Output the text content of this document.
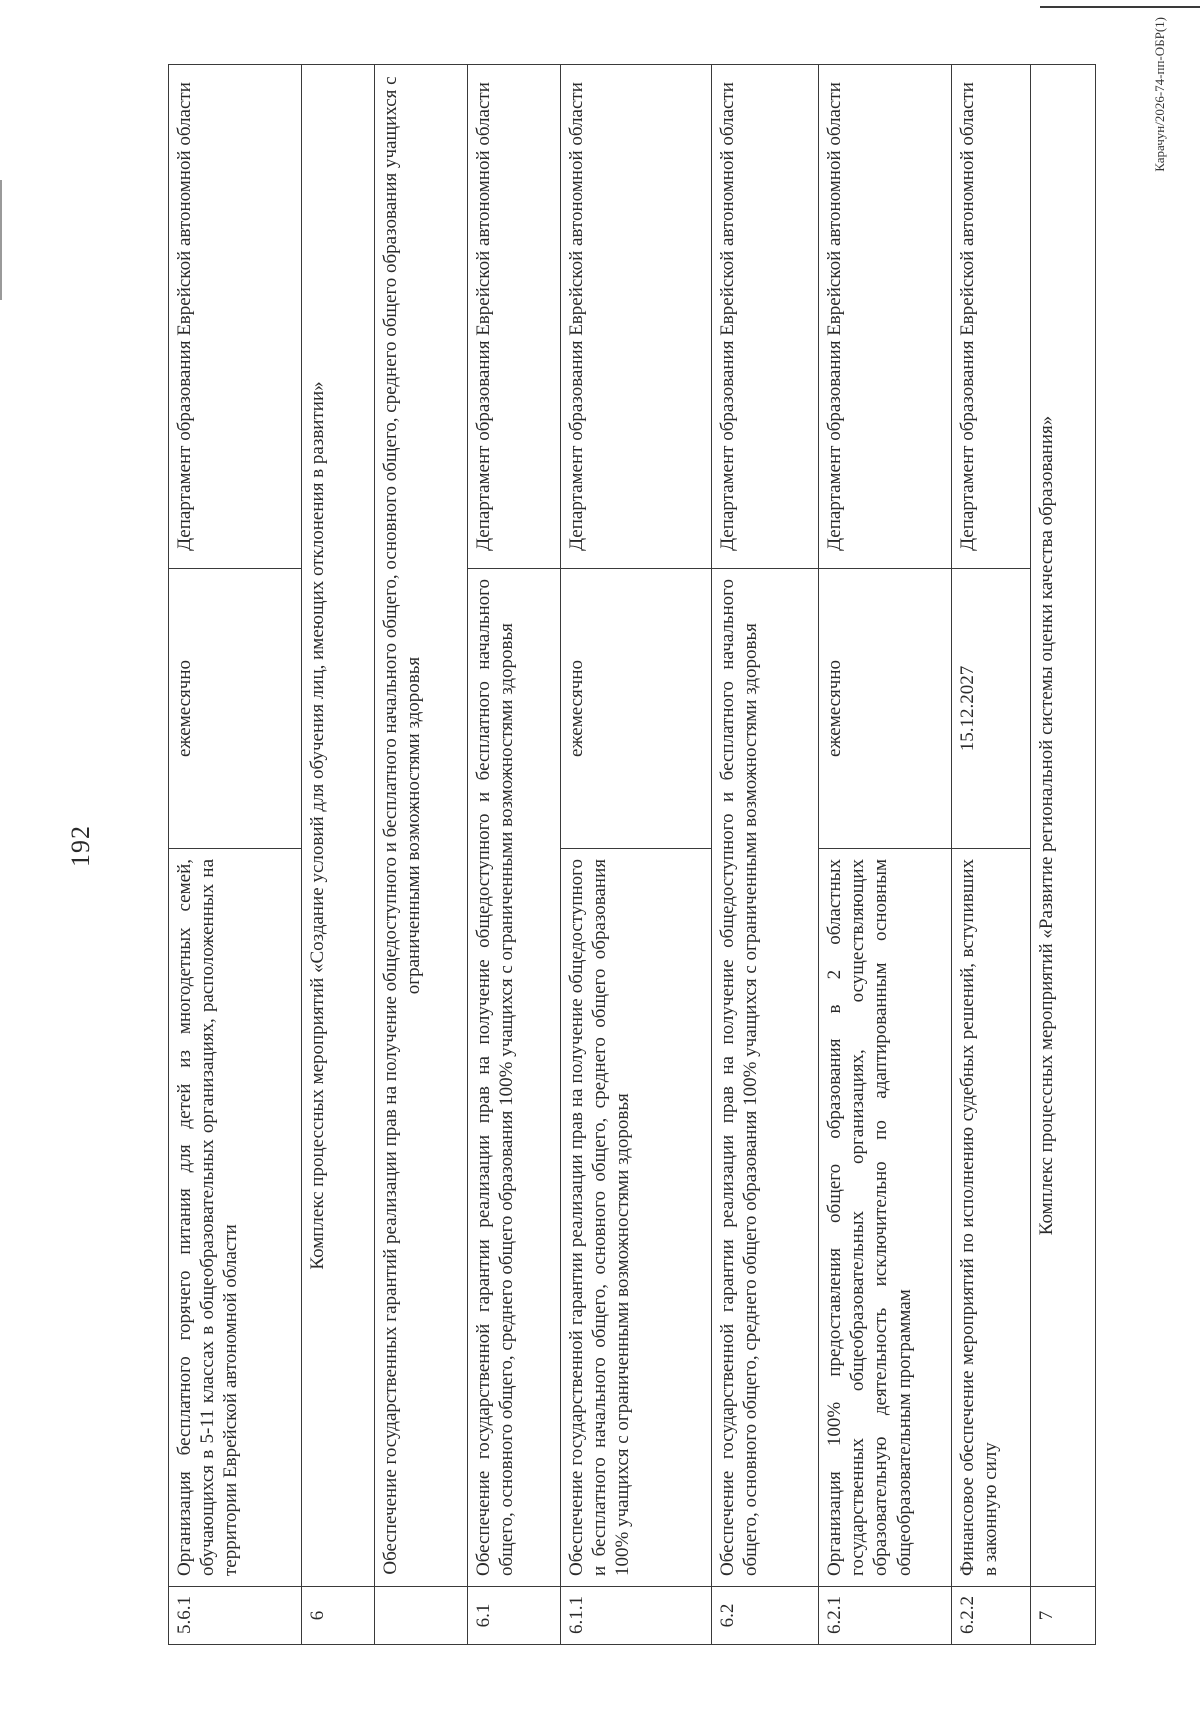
192
5.6.1	Организация бесплатного горячего питания для детей из многодетных семей, обучающихся в 5-11 классах в общеобразовательных организациях, расположенных на территории Еврейской автономной области	ежемесячно	Департамент образования Еврейской автономной области
6	Комплекс процессных мероприятий «Создание условий для обучения лиц, имеющих отклонения в развитии»		
	Обеспечение государственных гарантий реализации прав на получение общедоступного и бесплатного начального общего, основного общего, среднего общего образования учащихся с ограниченными возможностями здоровья		
6.1	Обеспечение государственной гарантии реализации прав на получение общедоступного и бесплатного начального общего, основного общего, среднего общего образования 100% учащихся с ограниченными возможностями здоровья		Департамент образования Еврейской автономной области
6.1.1	Обеспечение государственной гарантии реализации прав на получение общедоступного и бесплатного начального общего, основного общего, среднего общего образования 100% учащихся с ограниченными возможностями здоровья	ежемесячно	Департамент образования Еврейской автономной области
6.2	Обеспечение государственной гарантии реализации прав на получение общедоступного и бесплатного начального общего, основного общего, среднего общего образования 100% учащихся с ограниченными возможностями здоровья		Департамент образования Еврейской автономной области
6.2.1	Организация 100% предоставления общего образования в 2 областных государственных общеобразовательных организациях, осуществляющих образовательную деятельность исключительно по адаптированным основным общеобразовательным программам	ежемесячно	Департамент образования Еврейской автономной области
6.2.2	Финансовое обеспечение мероприятий по исполнению судебных решений, вступивших в законную силу	15.12.2027	Департамент образования Еврейской автономной области
7	Комплекс процессных мероприятий «Развитие региональной системы оценки качества образования»		
Карачун/2026-74-пп-ОБР(1)
